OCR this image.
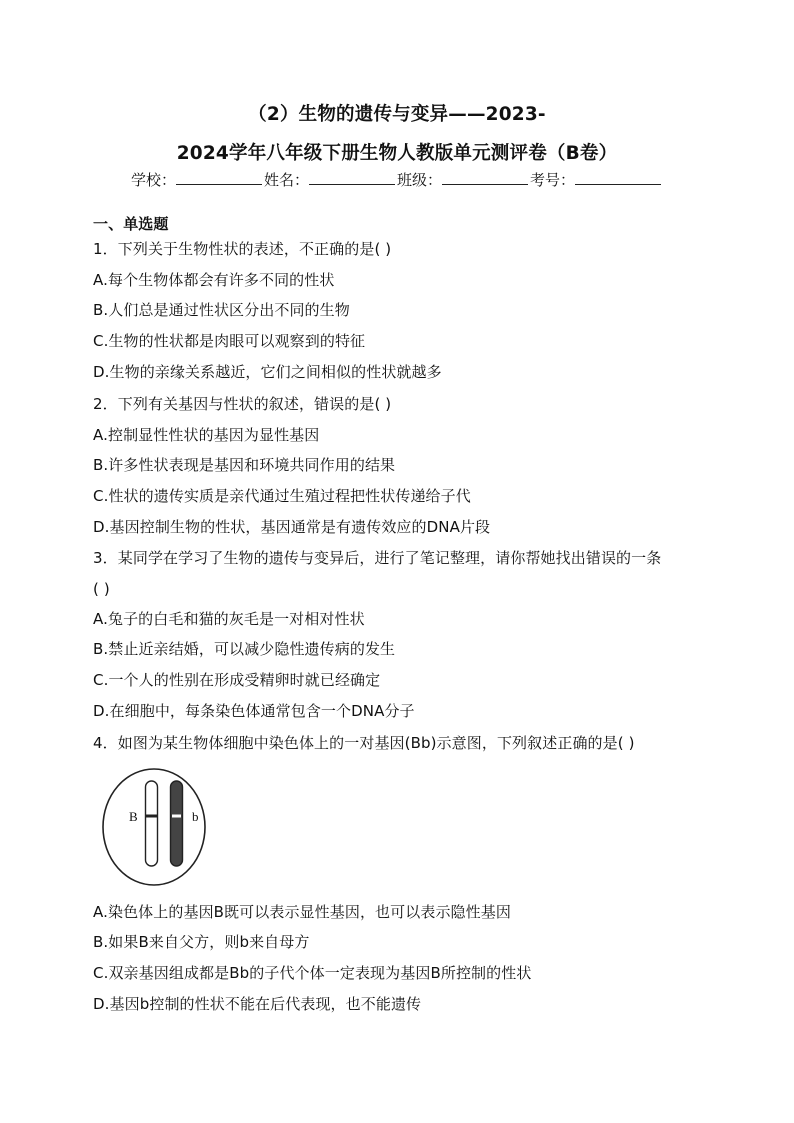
（2）生物的遗传与变异——2023-
2024学年八年级下册生物人教版单元测评卷（B卷）
学校：	姓名：	班级：	考号：
一、单选题
1．下列关于生物性状的表述，不正确的是( )
A.每个生物体都会有许多不同的性状
B.人们总是通过性状区分出不同的生物
C.生物的性状都是肉眼可以观察到的特征
D.生物的亲缘关系越近，它们之间相似的性状就越多
2．下列有关基因与性状的叙述，错误的是( )
A.控制显性性状的基因为显性基因
B.许多性状表现是基因和环境共同作用的结果
C.性状的遗传实质是亲代通过生殖过程把性状传递给子代
D.基因控制生物的性状，基因通常是有遗传效应的DNA片段
3．某同学在学习了生物的遗传与变异后，进行了笔记整理，请你帮她找出错误的一条
( )
A.兔子的白毛和猫的灰毛是一对相对性状
B.禁止近亲结婚，可以减少隐性遗传病的发生
C.一个人的性别在形成受精卵时就已经确定
D.在细胞中，每条染色体通常包含一个DNA分子
4．如图为某生物体细胞中染色体上的一对基因(Bb)示意图，下列叙述正确的是( )
B	b
A.染色体上的基因B既可以表示显性基因，也可以表示隐性基因
B.如果B来自父方，则b来自母方
C.双亲基因组成都是Bb的子代个体一定表现为基因B所控制的性状
D.基因b控制的性状不能在后代表现，也不能遗传
